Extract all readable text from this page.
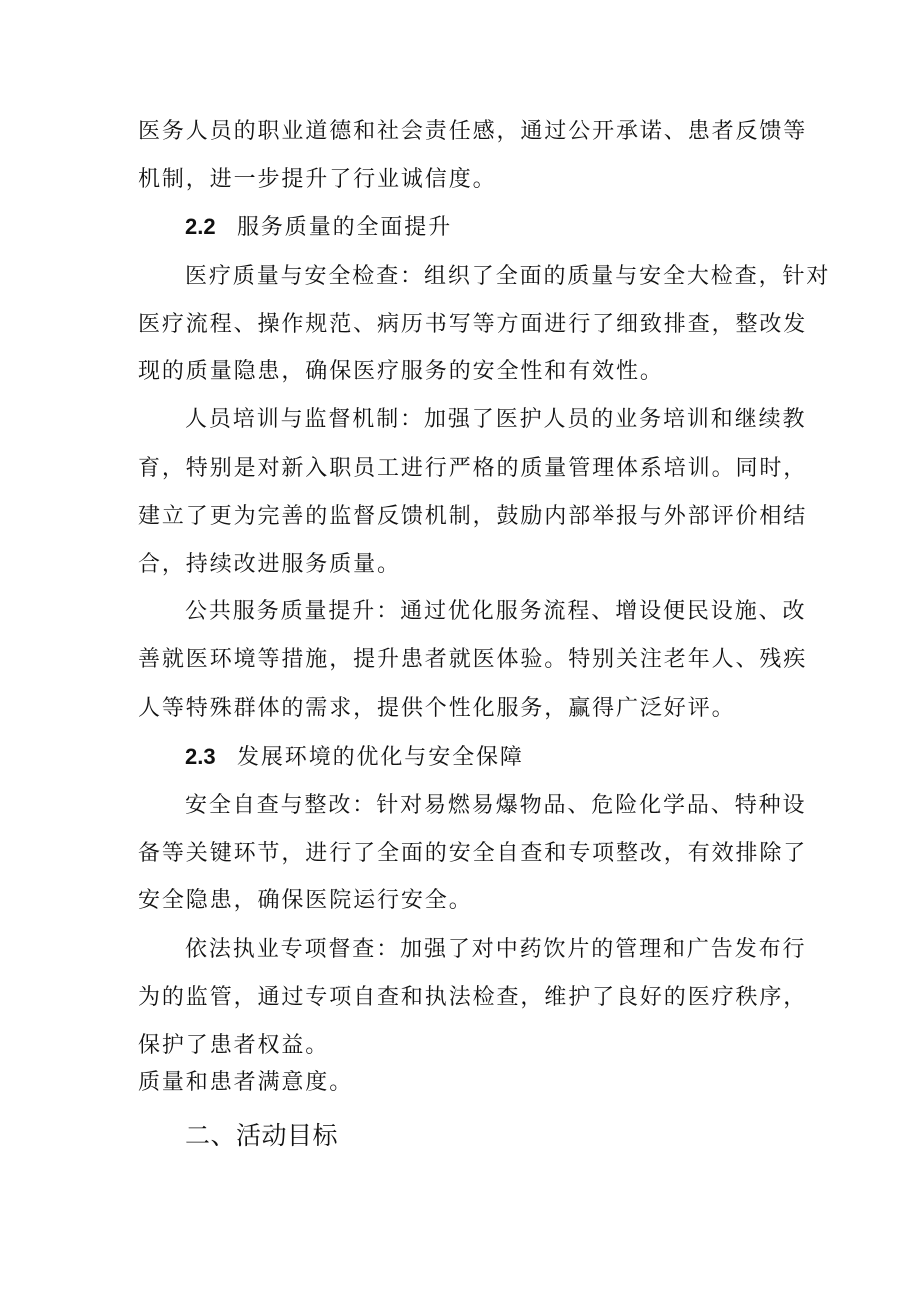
医务人员的职业道德和社会责任感，通过公开承诺、患者反馈等
机制，进一步提升了行业诚信度。
2.2 服务质量的全面提升
医疗质量与安全检查：组织了全面的质量与安全大检查，针对
医疗流程、操作规范、病历书写等方面进行了细致排查，整改发
现的质量隐患，确保医疗服务的安全性和有效性。
人员培训与监督机制：加强了医护人员的业务培训和继续教
育，特别是对新入职员工进行严格的质量管理体系培训。同时，
建立了更为完善的监督反馈机制，鼓励内部举报与外部评价相结
合，持续改进服务质量。
公共服务质量提升：通过优化服务流程、增设便民设施、改
善就医环境等措施，提升患者就医体验。特别关注老年人、残疾
人等特殊群体的需求，提供个性化服务，赢得广泛好评。
2.3 发展环境的优化与安全保障
安全自查与整改：针对易燃易爆物品、危险化学品、特种设
备等关键环节，进行了全面的安全自查和专项整改，有效排除了
安全隐患，确保医院运行安全。
依法执业专项督查：加强了对中药饮片的管理和广告发布行
为的监管，通过专项自查和执法检查，维护了良好的医疗秩序，
保护了患者权益。
质量和患者满意度。
二、活动目标
